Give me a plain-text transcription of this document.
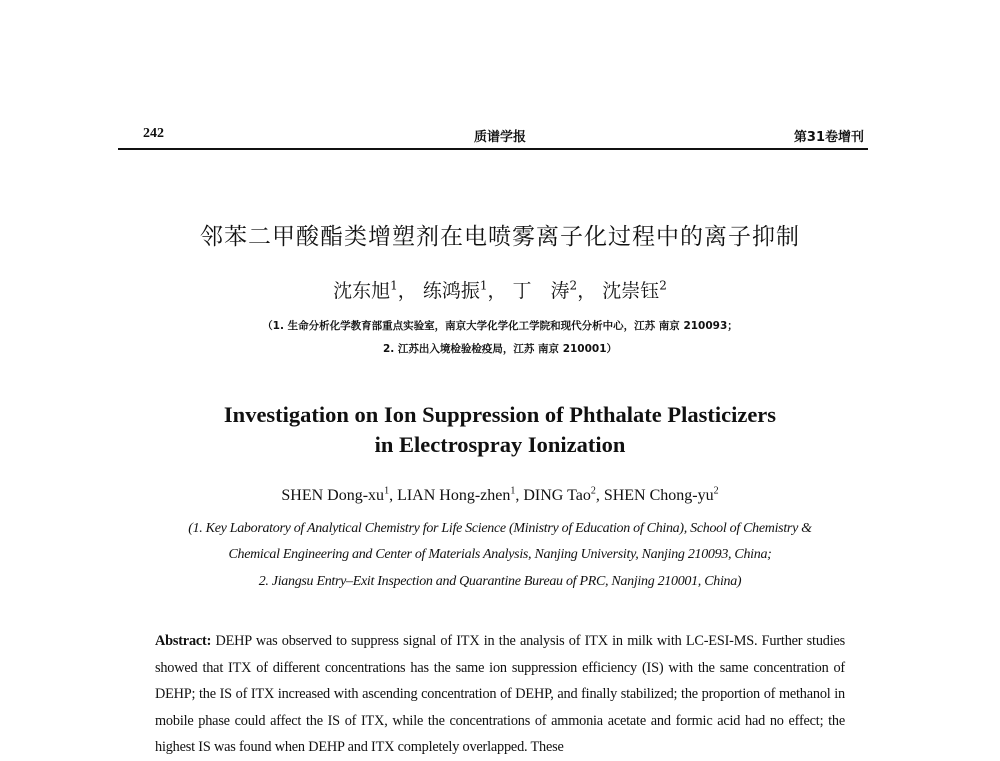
242	质谱学报	第31卷增刊
邻苯二甲酸酯类增塑剂在电喷雾离子化过程中的离子抑制
沈东旭$^1$， 练鸿振$^1$， 丁　涛$^2$， 沈崇钰$^2$
（1. 生命分析化学教育部重点实验室，南京大学化学化工学院和现代分析中心，江苏 南京 210093；
2. 江苏出入境检验检疫局，江苏 南京 210001）
Investigation on Ion Suppression of Phthalate Plasticizers
in Electrospray Ionization
SHEN Dong-$xu^1$, LIAN Hong-zhen$^1$, DING Tao$^2$, SHEN Chong-$yu^2$
(1. Key Laboratory of Analytical Chemistry for Life Science (Ministry of Education of China), School of Chemistry &
Chemical Engineering and Center of Materials Analysis, Nanjing University, Nanjing 210093, China;
2. Jiangsu Entry–Exit Inspection and Quarantine Bureau of PRC, Nanjing 210001, China)
Abstract: DEHP was observed to suppress signal of ITX in the analysis of ITX in milk with LC-ESI-MS. Further studies showed that ITX of different concentrations has the same ion suppression efficiency (IS) with the same concentration of DEHP; the IS of ITX increased with ascending concentration of DEHP, and finally stabilized; the proportion of methanol in mobile phase could affect the IS of ITX, while the concentrations of ammonia acetate and formic acid had no effect; the highest IS was found when DEHP and ITX completely overlapped. These
